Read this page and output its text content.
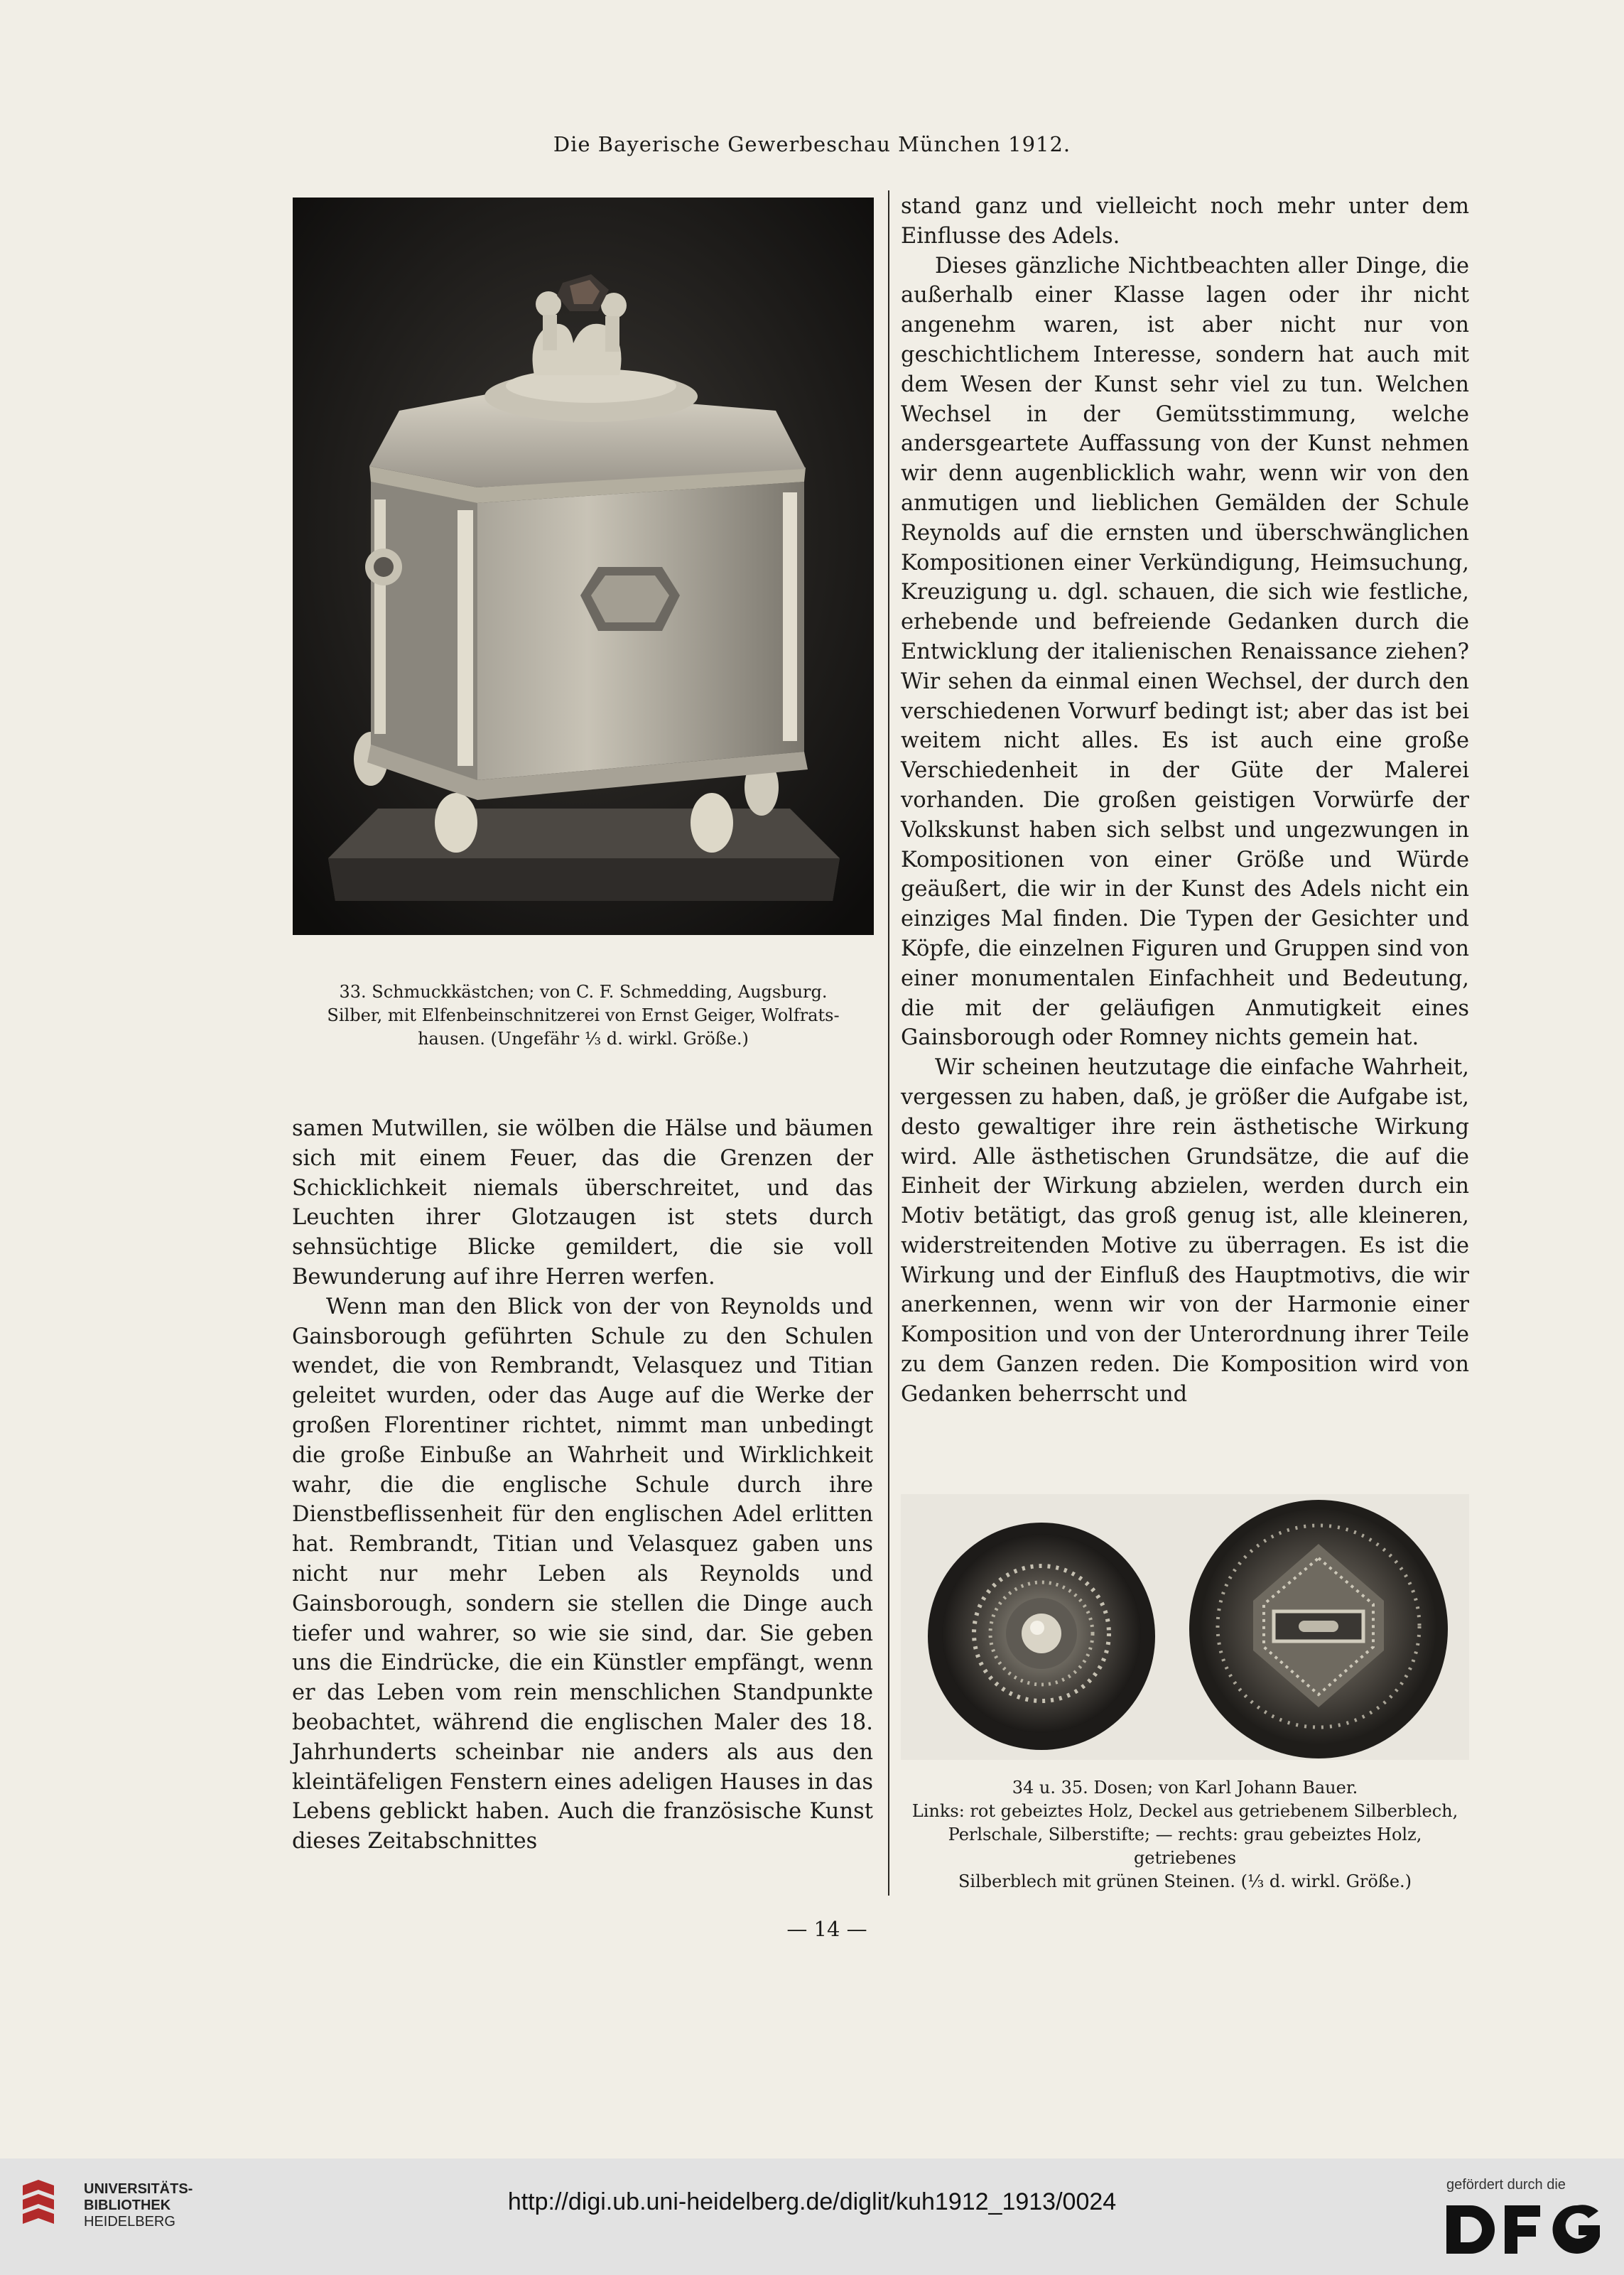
Die Bayerische Gewerbeschau München 1912.
33. Schmuckkästchen; von C. F. Schmedding, Augsburg.
Silber, mit Elfenbeinschnitzerei von Ernst Geiger, Wolfrats-
hausen. (Ungefähr ⅓ d. wirkl. Größe.)

samen Mutwillen, sie wölben die Hälse und bäumen sich mit einem Feuer, das die Grenzen der Schicklichkeit niemals überschreitet, und das Leuchten ihrer Glotzaugen ist stets durch sehnsüchtige Blicke gemildert, die sie voll Bewunderung auf ihre Herren werfen.

Wenn man den Blick von der von Reynolds und Gainsborough geführten Schule zu den Schulen wendet, die von Rembrandt, Velasquez und Titian geleitet wurden, oder das Auge auf die Werke der großen Florentiner richtet, nimmt man unbedingt die große Einbuße an Wahrheit und Wirklichkeit wahr, die die englische Schule durch ihre Dienstbeflissenheit für den englischen Adel erlitten hat. Rembrandt, Titian und Velasquez gaben uns nicht nur mehr Leben als Reynolds und Gainsborough, sondern sie stellen die Dinge auch tiefer und wahrer, so wie sie sind, dar. Sie geben uns die Eindrücke, die ein Künstler empfängt, wenn er das Leben vom rein menschlichen Standpunkte beobachtet, während die englischen Maler des 18. Jahrhunderts scheinbar nie anders als aus den kleintäfeligen Fenstern eines adeligen Hauses in das Lebens geblickt haben. Auch die französische Kunst dieses Zeitabschnittes

stand ganz und vielleicht noch mehr unter dem Einflusse des Adels.

Dieses gänzliche Nichtbeachten aller Dinge, die außerhalb einer Klasse lagen oder ihr nicht angenehm waren, ist aber nicht nur von geschichtlichem Interesse, sondern hat auch mit dem Wesen der Kunst sehr viel zu tun. Welchen Wechsel in der Gemütsstimmung, welche andersgeartete Auffassung von der Kunst nehmen wir denn augenblicklich wahr, wenn wir von den anmutigen und lieblichen Gemälden der Schule Reynolds auf die ernsten und überschwänglichen Kompositionen einer Verkündigung, Heimsuchung, Kreuzigung u. dgl. schauen, die sich wie festliche, erhebende und befreiende Gedanken durch die Entwicklung der italienischen Renaissance ziehen? Wir sehen da einmal einen Wechsel, der durch den verschiedenen Vorwurf bedingt ist; aber das ist bei weitem nicht alles. Es ist auch eine große Verschiedenheit in der Güte der Malerei vorhanden. Die großen geistigen Vorwürfe der Volkskunst haben sich selbst und ungezwungen in Kompositionen von einer Größe und Würde geäußert, die wir in der Kunst des Adels nicht ein einziges Mal finden. Die Typen der Gesichter und Köpfe, die einzelnen Figuren und Gruppen sind von einer monumentalen Einfachheit und Bedeutung, die mit der geläufigen Anmutigkeit eines Gainsborough oder Romney nichts gemein hat.

Wir scheinen heutzutage die einfache Wahrheit, vergessen zu haben, daß, je größer die Aufgabe ist, desto gewaltiger ihre rein ästhetische Wirkung wird. Alle ästhetischen Grundsätze, die auf die Einheit der Wirkung abzielen, werden durch ein Motiv betätigt, das groß genug ist, alle kleineren, widerstreitenden Motive zu überragen. Es ist die Wirkung und der Einfluß des Hauptmotivs, die wir anerkennen, wenn wir von der Harmonie einer Komposition und von der Unterordnung ihrer Teile zu dem Ganzen reden. Die Komposition wird von Gedanken beherrscht und

34 u. 35. Dosen; von Karl Johann Bauer.
Links: rot gebeiztes Holz, Deckel aus getriebenem Silberblech,
Perlschale, Silberstifte; — rechts: grau gebeiztes Holz, getriebenes
Silberblech mit grünen Steinen. (⅓ d. wirkl. Größe.)
— 14 —
UNIVERSITÄTS-
BIBLIOTHEK
HEIDELBERG
http://digi.ub.uni-heidelberg.de/diglit/kuh1912_1913/0024
gefördert durch die
